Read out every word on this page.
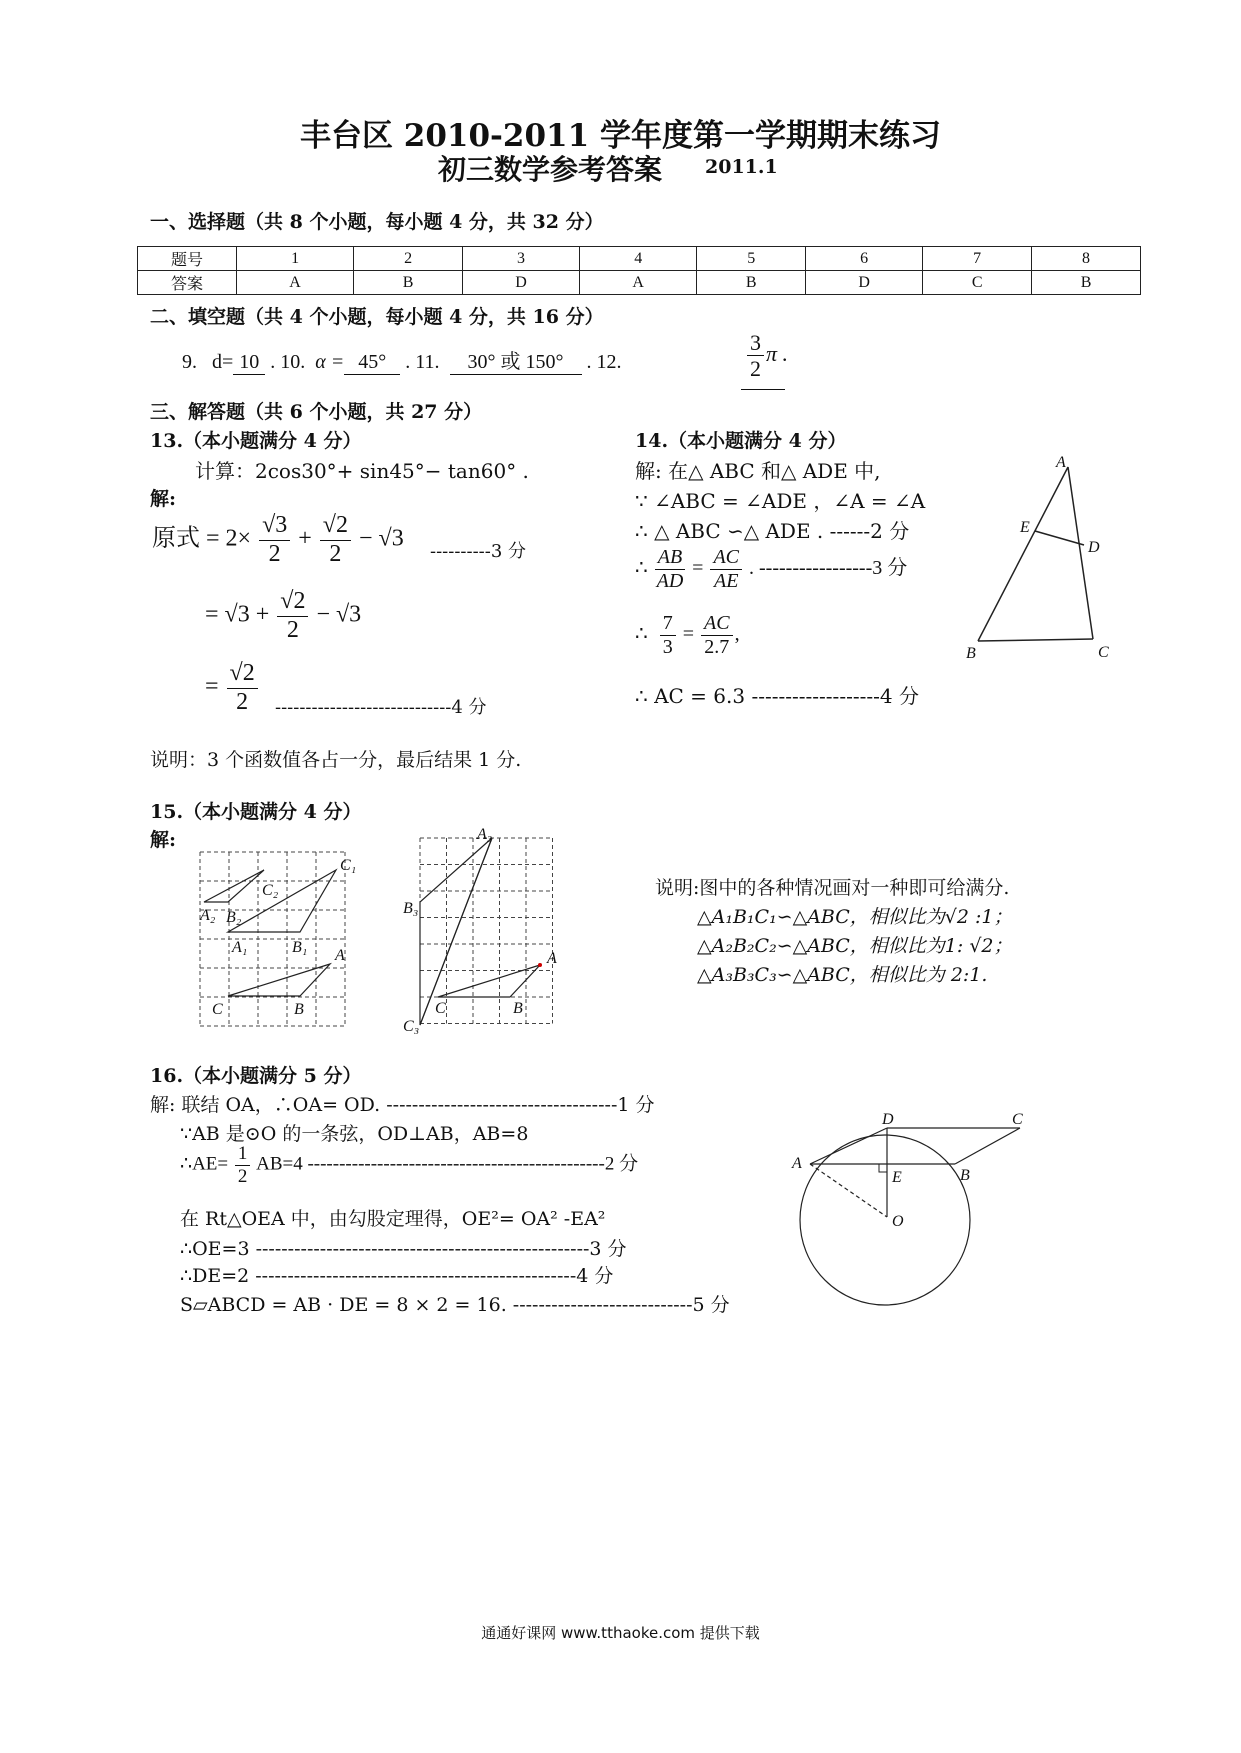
丰台区 2010-2011 学年度第一学期期末练习
初三数学参考答案 2011.1
一、选择题（共 8 个小题，每小题 4 分，共 32 分）
题号	1	2	3	4	5	6	7	8
答案	A	B	D	A	B	D	C	B
二、填空题（共 4 个小题，每小题 4 分，共 16 分）
9. d= 10 . 10. α = 45° . 11. 30° 或 150° . 12.	$\frac{3}{2}$ π .
三、解答题（共 6 个小题，共 27 分）
13.（本小题满分 4 分）
计算：2cos30°+ sin45°− tan60° .
解:
原式 = $2\times \frac{√3}{2} + \frac{√2}{2} - √3$ ----------3 分
= $√3 + \frac{√2}{2} - √3$
= $\frac{√2}{2} -----------------------------4$ 分
说明：3 个函数值各占一分，最后结果 1 分.
14.（本小题满分 4 分）
解: 在△ ABC 和△ ADE 中,
∵ ∠ABC = ∠ADE ，∠A = ∠A
∴ △ ABC ∽△ ADE . ------2 分
∴ $\frac{AB}{AD} = \frac{AC}{AE}$ . -----------------3 分
∴ $\frac{7}{3} = \frac{AC}{2.7}$ ,
∴ AC = 6.3 -------------------4 分
A
E
D
B	C
15.（本小题满分 4 分）
解:
C₂
C₁
A₂ B₂
A₁	B₁ A
C	B
A₃
B₃
A
C	B
C₃
说明:图中的各种情况画对一种即可给满分.
△A₁B₁C₁∽△ABC，相似比为√2 :1；
△A₂B₂C₂∽△ABC，相似比为1: √2；
△A₃B₃C₃∽△ABC，相似比为 2:1.
16.（本小题满分 5 分）
解: 联结 OA，∴OA= OD. ------------------------------------1 分
∵AB 是⊙O 的一条弦，OD⊥AB，AB=8
∴AE= $\frac{1}{2} AB=4$ -----------------------------------------------2 分
在 Rt△OEA 中，由勾股定理得，OE²= OA² -EA²
∴OE=3 ----------------------------------------------------3 分
∴DE=2 --------------------------------------------------4 分
S▱ABCD = AB · DE = 8 × 2 = 16. ----------------------------5 分
D	C
A
E	B
O
通通好课网 www.tthaoke.com 提供下载
